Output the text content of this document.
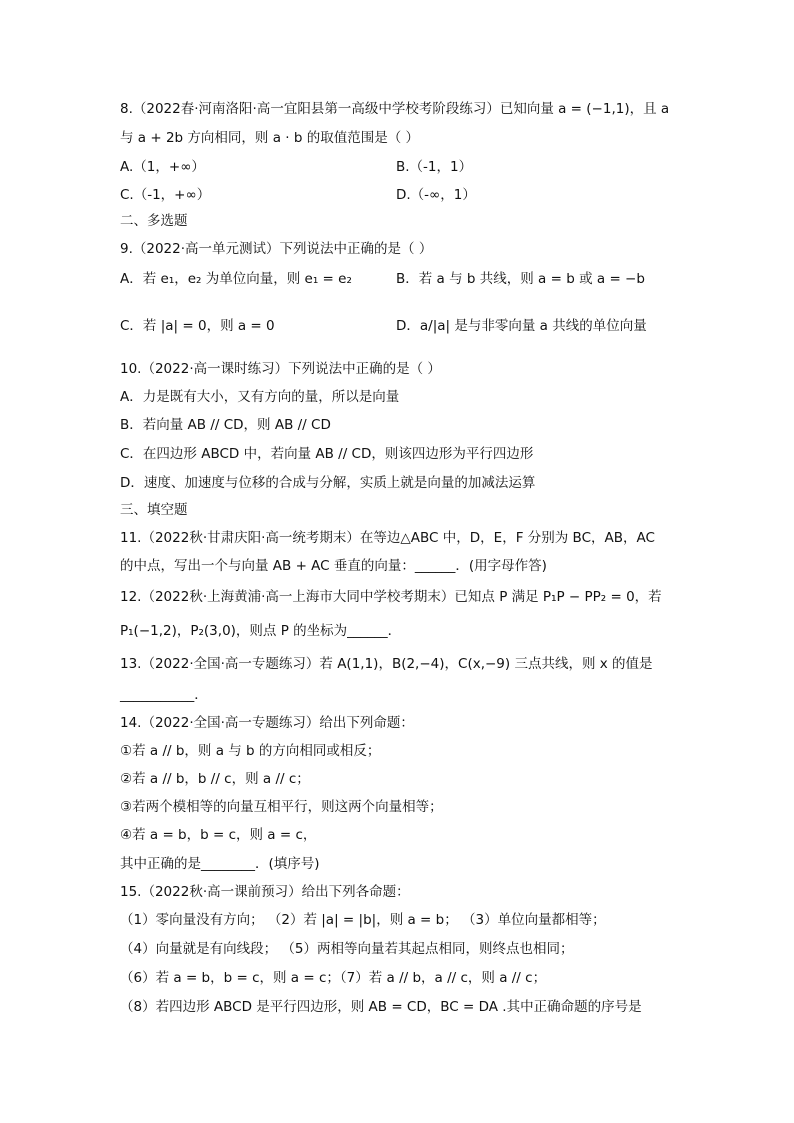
8.（2022春·河南洛阳·高一宜阳县第一高级中学校考阶段练习）已知向量 a = (−1,1)，且 a
与 a + 2b 方向相同，则 a · b 的取值范围是（ ）
A.（1，+∞）	B.（-1，1）
C.（-1，+∞）	D.（-∞，1）
二、多选题
9.（2022·高一单元测试）下列说法中正确的是（ ）
A．若 e₁，e₂ 为单位向量，则 e₁ = e₂	B．若 a 与 b 共线，则 a = b 或 a = −b
C．若 |a| = 0，则 a = 0	D．a/|a| 是与非零向量 a 共线的单位向量
10.（2022·高一课时练习）下列说法中正确的是（ ）
A．力是既有大小，又有方向的量，所以是向量
B．若向量 AB // CD，则 AB // CD
C．在四边形 ABCD 中，若向量 AB // CD，则该四边形为平行四边形
D．速度、加速度与位移的合成与分解，实质上就是向量的加减法运算
三、填空题
11.（2022秋·甘肃庆阳·高一统考期末）在等边△ABC 中，D，E，F 分别为 BC，AB，AC
的中点，写出一个与向量 AB + AC 垂直的向量：______．(用字母作答)
12.（2022秋·上海黄浦·高一上海市大同中学校考期末）已知点 P 满足 P₁P − PP₂ = 0，若
P₁(−1,2)，P₂(3,0)，则点 P 的坐标为______．
13.（2022·全国·高一专题练习）若 A(1,1)，B(2,−4)，C(x,−9) 三点共线，则 x 的值是
___________．
14.（2022·全国·高一专题练习）给出下列命题：
①若 a // b，则 a 与 b 的方向相同或相反；
②若 a // b，b // c，则 a // c；
③若两个模相等的向量互相平行，则这两个向量相等；
④若 a = b，b = c，则 a = c，
其中正确的是________．(填序号)
15.（2022秋·高一课前预习）给出下列各命题：
（1）零向量没有方向； （2）若 |a| = |b|，则 a = b； （3）单位向量都相等；
（4）向量就是有向线段； （5）两相等向量若其起点相同，则终点也相同；
（6）若 a = b，b = c，则 a = c；（7）若 a // b，a // c，则 a // c；
（8）若四边形 ABCD 是平行四边形，则 AB = CD，BC = DA .其中正确命题的序号是
